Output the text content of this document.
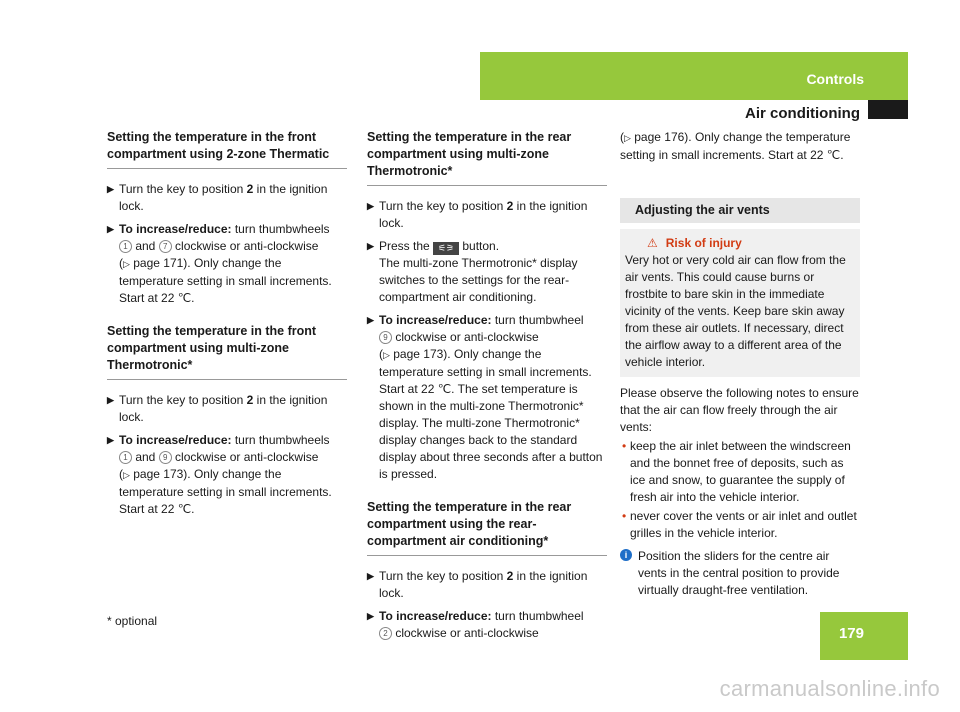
Controls
Air conditioning
Setting the temperature in the front compartment using 2-zone Thermatic
▶ Turn the key to position 2 in the ignition lock.
▶ To increase/reduce: turn thumbwheels
1 and 7 clockwise or anti-clockwise
(▷ page 171). Only change the temperature setting in small increments. Start at 22 ℃.
Setting the temperature in the front compartment using multi-zone Thermotronic*
▶ Turn the key to position 2 in the ignition lock.
▶ To increase/reduce: turn thumbwheels
1 and 9 clockwise or anti-clockwise
(▷ page 173). Only change the temperature setting in small increments. Start at 22 ℃.
Setting the temperature in the rear compartment using multi-zone Thermotronic*
▶ Turn the key to position 2 in the ignition lock.
▶ Press the ⚟⚞ button.
The multi-zone Thermotronic* display switches to the settings for the rear-compartment air conditioning.
▶ To increase/reduce: turn thumbwheel
9 clockwise or anti-clockwise
(▷ page 173). Only change the temperature setting in small increments. Start at 22 ℃. The set temperature is shown in the multi-zone Thermotronic* display. The multi-zone Thermotronic* display changes back to the standard display about three seconds after a button is pressed.
Setting the temperature in the rear compartment using the rear-compartment air conditioning*
▶ Turn the key to position 2 in the ignition lock.
▶ To increase/reduce: turn thumbwheel
2 clockwise or anti-clockwise
(▷ page 176). Only change the temperature setting in small increments. Start at 22 ℃.
Adjusting the air vents
⚠ Risk of injury
Very hot or very cold air can flow from the air vents. This could cause burns or frostbite to bare skin in the immediate vicinity of the vents. Keep bare skin away from these air outlets. If necessary, direct the airflow away to a different area of the vehicle interior.
Please observe the following notes to ensure that the air can flow freely through the air vents:
• keep the air inlet between the windscreen and the bonnet free of deposits, such as ice and snow, to guarantee the supply of fresh air into the vehicle interior.
• never cover the vents or air inlet and outlet grilles in the vehicle interior.
i Position the sliders for the centre air vents in the central position to provide virtually draught-free ventilation.
* optional
179
carmanualsonline.info
